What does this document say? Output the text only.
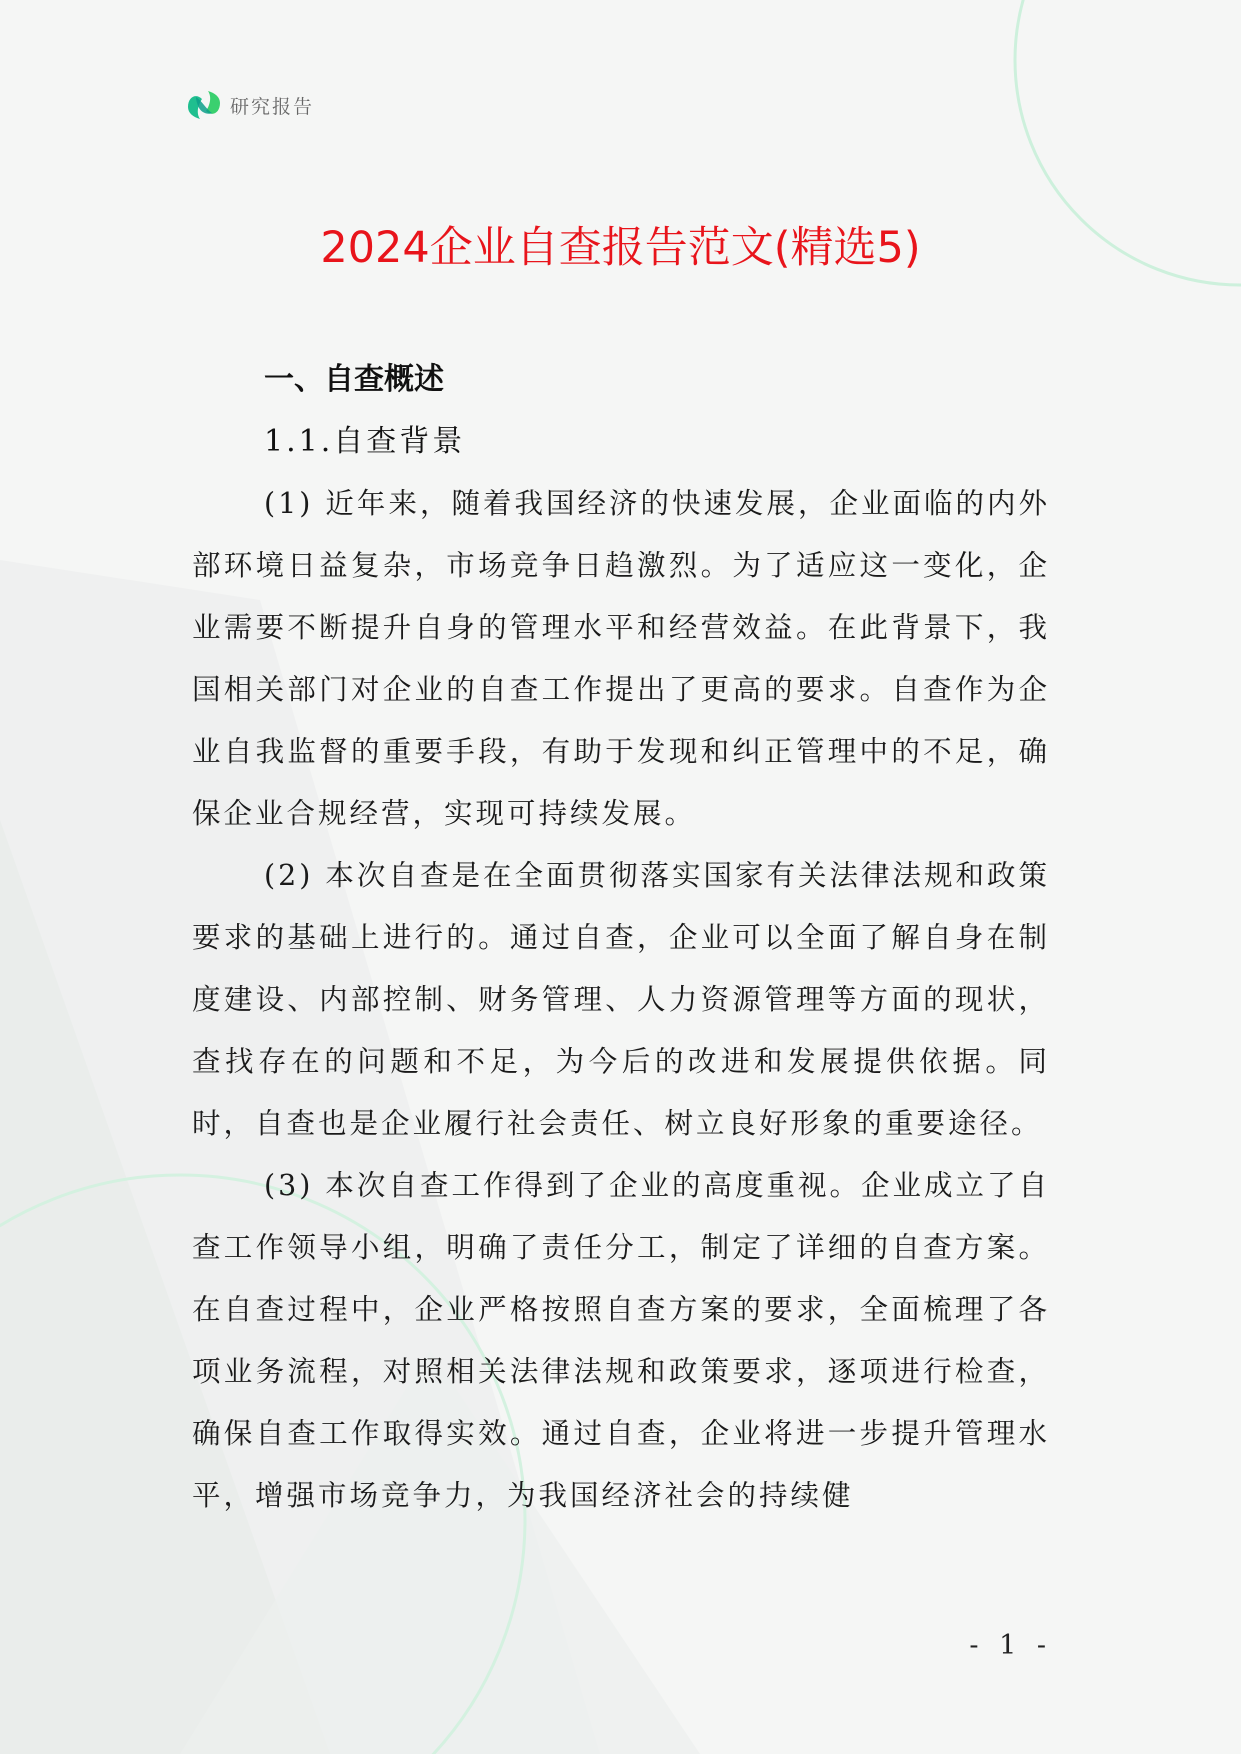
研究报告
2024企业自查报告范文(精选5)
一、自查概述
1.1.自查背景

(1) 近年来，随着我国经济的快速发展，企业面临的内外部环境日益复杂，市场竞争日趋激烈。为了适应这一变化，企业需要不断提升自身的管理水平和经营效益。在此背景下，我国相关部门对企业的自查工作提出了更高的要求。自查作为企业自我监督的重要手段，有助于发现和纠正管理中的不足，确保企业合规经营，实现可持续发展。

(2) 本次自查是在全面贯彻落实国家有关法律法规和政策要求的基础上进行的。通过自查，企业可以全面了解自身在制度建设、内部控制、财务管理、人力资源管理等方面的现状，查找存在的问题和不足，为今后的改进和发展提供依据。同时，自查也是企业履行社会责任、树立良好形象的重要途径。

(3) 本次自查工作得到了企业的高度重视。企业成立了自查工作领导小组，明确了责任分工，制定了详细的自查方案。在自查过程中，企业严格按照自查方案的要求，全面梳理了各项业务流程，对照相关法律法规和政策要求，逐项进行检查，确保自查工作取得实效。通过自查，企业将进一步提升管理水平，增强市场竞争力，为我国经济社会的持续健

- 1 -
